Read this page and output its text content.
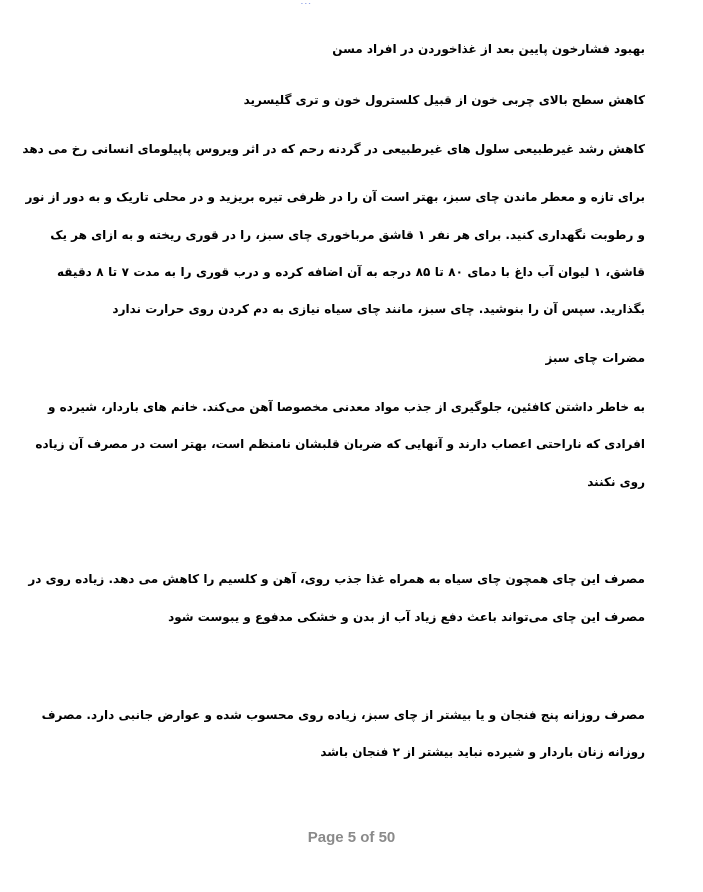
بهبود فشارخون پایین بعد از غذاخوردن در افراد مسن
کاهش سطح بالای چربی خون از قبیل کلسترول خون و تری گلیسرید
کاهش رشد غیرطبیعی سلول های غیرطبیعی در گردنه رحم که در اثر ویروس پاپیلومای انسانی رخ می دهد
برای تازه و معطر ماندن چای سبز، بهتر است آن را در ظرفی تیره بریزید و در محلی تاریک و به دور از نور
و رطوبت نگهداری کنید. برای هر نفر ۱ قاشق مرباخوری چای سبز، را در قوری ریخته و به ازای هر یک
قاشق، ۱ لیوان آب داغ با دمای ۸۰ تا ۸۵ درجه به آن اضافه کرده و درب قوری را به مدت ۷ تا ۸ دقیقه
بگذارید. سپس آن را بنوشید. چای سبز، مانند چای سیاه نیازی به دم کردن روی حرارت ندارد
مضرات چای سبز
به خاطر داشتن کافئین، جلوگیری از جذب مواد معدنی مخصوصا آهن می‌کند. خانم های باردار، شیرده و
افرادی که ناراحتی اعصاب دارند و آنهایی که ضربان قلبشان نامنظم است، بهتر است در مصرف آن زیاده
روی نکنند
مصرف این چای همچون چای سیاه به همراه غذا جذب روی، آهن و کلسیم را کاهش می دهد. زیاده روی در
مصرف این چای می‌تواند باعث دفع زیاد آب از بدن و خشکی مدفوع و یبوست شود
مصرف روزانه پنج فنجان و یا بیشتر از چای سبز، زیاده روی محسوب شده و عوارض جانبی دارد. مصرف
روزانه زنان باردار و شیرده نباید بیشتر از ۲ فنجان باشد
Page 5 of 50
